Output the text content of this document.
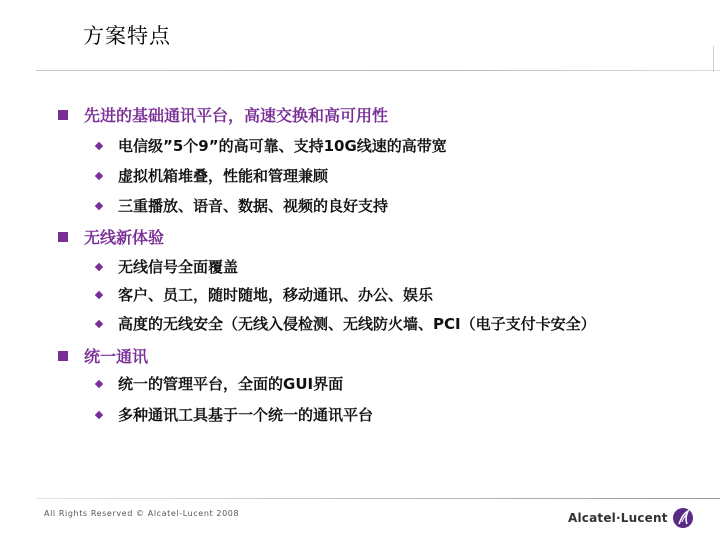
方案特点
先进的基础通讯平台，高速交换和高可用性
电信级”5个9”的高可靠、支持10G线速的高带宽
虚拟机箱堆叠，性能和管理兼顾
三重播放、语音、数据、视频的良好支持
无线新体验
无线信号全面覆盖
客户、员工，随时随地，移动通讯、办公、娱乐
高度的无线安全（无线入侵检测、无线防火墙、PCI（电子支付卡安全）
统一通讯
统一的管理平台，全面的GUI界面
多种通讯工具基于一个统一的通讯平台
All Rights Reserved © Alcatel-Lucent 2008	Alcatel·Lucent
